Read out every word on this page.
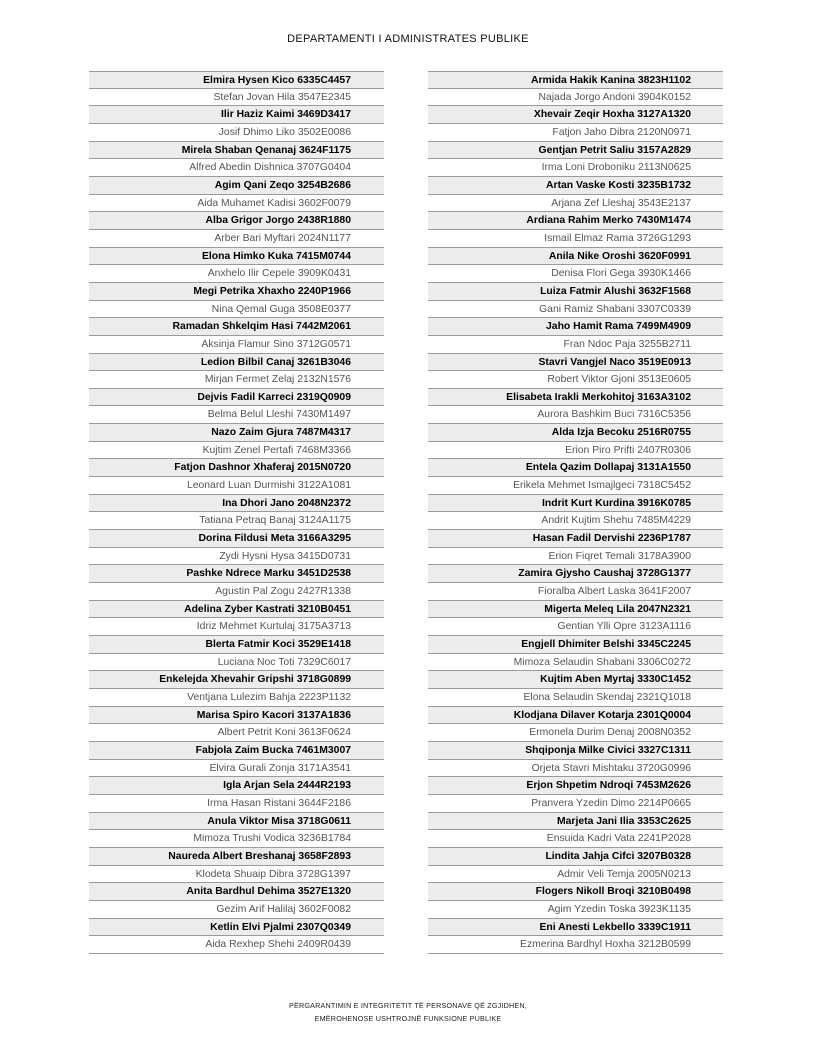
DEPARTAMENTI I ADMINISTRATES PUBLIKE
Elmira Hysen Kico 6335C4457
Stefan Jovan Hila 3547E2345
Ilir Haziz Kaimi 3469D3417
Josif Dhimo Liko 3502E0086
Mirela Shaban Qenanaj 3624F1175
Alfred Abedin Dishnica 3707G0404
Agim Qani Zeqo 3254B2686
Aida Muhamet Kadisi 3602F0079
Alba Grigor Jorgo 2438R1880
Arber Bari Myftari 2024N1177
Elona Himko Kuka 7415M0744
Anxhelo Ilir Cepele 3909K0431
Megi Petrika Xhaxho 2240P1966
Nina Qemal Guga 3508E0377
Ramadan Shkelqim Hasi 7442M2061
Aksinja Flamur Sino 3712G0571
Ledion Bilbil Canaj 3261B3046
Mirjan Fermet Zelaj 2132N1576
Dejvis Fadil Karreci 2319Q0909
Belma Belul Lleshi 7430M1497
Nazo Zaim Gjura 7487M4317
Kujtim Zenel Pertafi 7468M3366
Fatjon Dashnor Xhaferaj 2015N0720
Leonard Luan Durmishi 3122A1081
Ina Dhori Jano 2048N2372
Tatiana Petraq Banaj 3124A1175
Dorina Fildusi Meta 3166A3295
Zydi Hysni Hysa 3415D0731
Pashke Ndrece Marku 3451D2538
Agustin Pal Zogu 2427R1338
Adelina Zyber Kastrati 3210B0451
Idriz Mehmet Kurtulaj 3175A3713
Blerta Fatmir Koci 3529E1418
Luciana Noc Toti 7329C6017
Enkelejda Xhevahir Gripshi 3718G0899
Ventjana Lulezim Bahja 2223P1132
Marisa Spiro Kacori 3137A1836
Albert Petrit Koni 3613F0624
Fabjola Zaim Bucka 7461M3007
Elvira Gurali Zonja 3171A3541
Igla Arjan Sela 2444R2193
Irma Hasan Ristani 3644F2186
Anula Viktor Misa 3718G0611
Mimoza Trushi Vodica 3236B1784
Naureda Albert Breshanaj 3658F2893
Klodeta Shuaip Dibra 3728G1397
Anita Bardhul Dehima 3527E1320
Gezim Arif Halilaj 3602F0082
Ketlin Elvi Pjalmi 2307Q0349
Aida Rexhep Shehi 2409R0439
Armida Hakik Kanina 3823H1102
Najada Jorgo Andoni 3904K0152
Xhevair Zeqir Hoxha 3127A1320
Fatjon Jaho Dibra 2120N0971
Gentjan Petrit Saliu 3157A2829
Irma Loni Droboniku 2113N0625
Artan Vaske Kosti 3235B1732
Arjana Zef Lleshaj 3543E2137
Ardiana Rahim Merko 7430M1474
Ismail Elmaz Rama 3726G1293
Anila Nike Oroshi 3620F0991
Denisa Flori Gega 3930K1466
Luiza Fatmir Alushi 3632F1568
Gani Ramiz Shabani 3307C0339
Jaho Hamit Rama 7499M4909
Fran Ndoc Paja 3255B2711
Stavri Vangjel Naco 3519E0913
Robert Viktor Gjoni 3513E0605
Elisabeta Irakli Merkohitoj 3163A3102
Aurora Bashkim Buci 7316C5356
Alda Izja Becoku 2516R0755
Erion Piro Prifti 2407R0306
Entela Qazim Dollapaj 3131A1550
Erikela Mehmet Ismajlgeci 7318C5452
Indrit Kurt Kurdina 3916K0785
Andrit Kujtim Shehu 7485M4229
Hasan Fadil Dervishi 2236P1787
Erion Fiqret Temali 3178A3900
Zamira Gjysho Caushaj 3728G1377
Fioralba Albert Laska 3641F2007
Migerta Meleq Lila 2047N2321
Gentian Ylli Opre 3123A1116
Engjell Dhimiter Belshi 3345C2245
Mimoza Selaudin Shabani 3306C0272
Kujtim Aben Myrtaj 3330C1452
Elona Selaudin Skendaj 2321Q1018
Klodjana Dilaver Kotarja 2301Q0004
Ermonela Durim Denaj 2008N0352
Shqiponja Milke Civici 3327C1311
Orjeta Stavri Mishtaku 3720G0996
Erjon Shpetim Ndroqi 7453M2626
Pranvera Yzedin Dimo 2214P0665
Marjeta Jani Ilia 3353C2625
Ensuida Kadri Vata 2241P2028
Lindita Jahja Cifci 3207B0328
Admir Veli Temja 2005N0213
Flogers Nikoll Broqi 3210B0498
Agim Yzedin Toska 3923K1135
Eni Anesti Lekbello 3339C1911
Ezmerina Bardhyl Hoxha 3212B0599
PËRGARANTIMIN E INTEGRITETIT TË PERSONAVE QË ZGJIDHEN,
EMËROHENOSE USHTROJNË FUNKSIONE PUBLIKE
